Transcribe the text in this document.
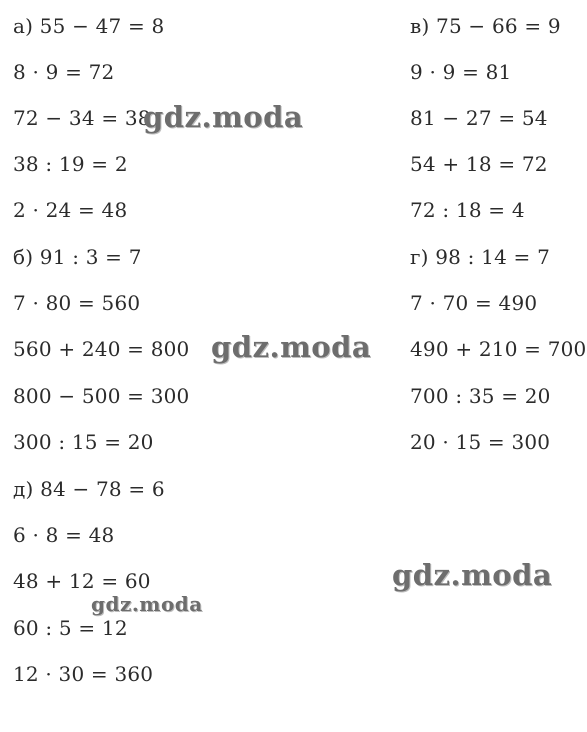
а) 55 − 47 = 8
8 · 9 = 72
72 − 34 = 38
38 : 19 = 2
2 · 24 = 48
б) 91 : 3 = 7
7 · 80 = 560
560 + 240 = 800
800 − 500 = 300
300 : 15 = 20
д) 84 − 78 = 6
6 · 8 = 48
48 + 12 = 60
60 : 5 = 12
12 · 30 = 360
в) 75 − 66 = 9
9 · 9 = 81
81 − 27 = 54
54 + 18 = 72
72 : 18 = 4
г) 98 : 14 = 7
7 · 70 = 490
490 + 210 = 700
700 : 35 = 20
20 · 15 = 300
gdz.moda
gdz.moda
gdz.moda
gdz.moda
